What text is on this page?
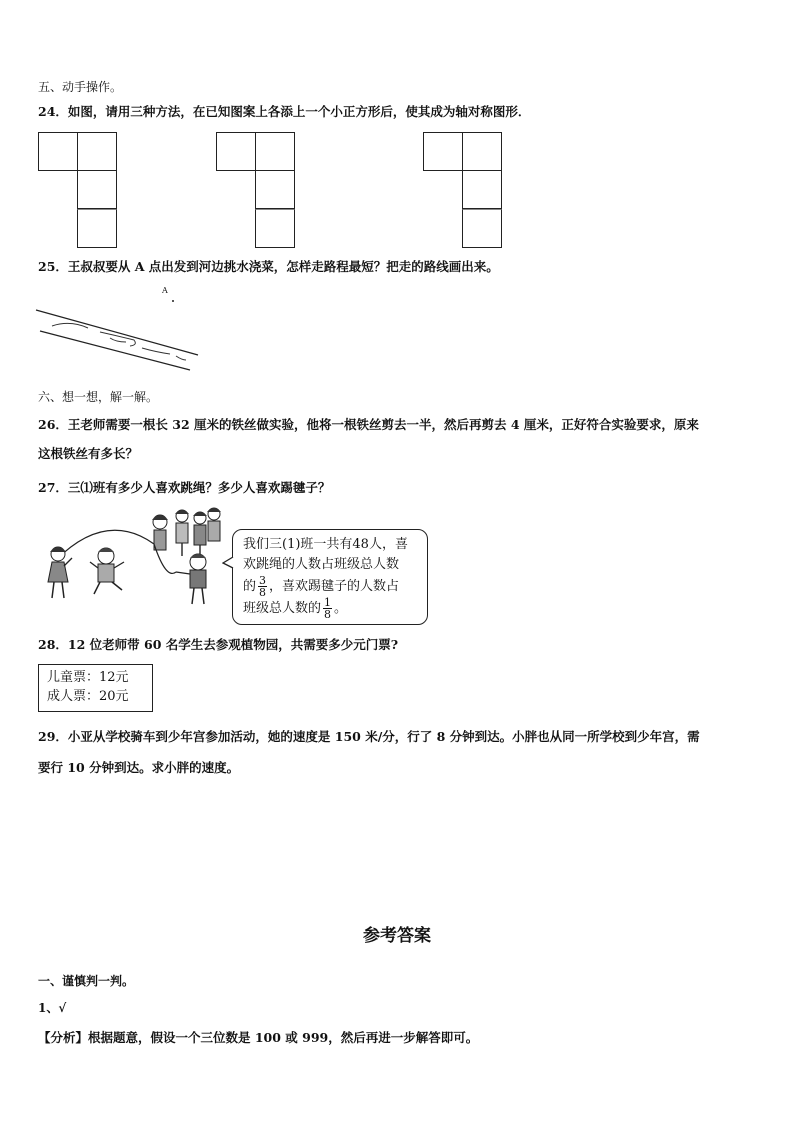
五、动手操作。
24．如图，请用三种方法，在已知图案上各添上一个小正方形后，使其成为轴对称图形．
25．王叔叔要从 A 点出发到河边挑水浇菜，怎样走路程最短？把走的路线画出来。
A
六、想一想，解一解。
26．王老师需要一根长 32 厘米的铁丝做实验，他将一根铁丝剪去一半，然后再剪去 4 厘米，正好符合实验要求，原来
这根铁丝有多长？
27．三⑴班有多少人喜欢跳绳？多少人喜欢踢毽子？
我们三(1)班一共有48人，喜
欢跳绳的人数占班级总人数
的 $\frac{3}{8}$ ，喜欢踢毽子的人数占
班级总人数的 $\frac{1}{8}$ 。
28．12 位老师带 60 名学生去参观植物园，共需要多少元门票?
儿童票：12元
成人票：20元
29．小亚从学校骑车到少年宫参加活动，她的速度是 150 米/分，行了 8 分钟到达。小胖也从同一所学校到少年宫，需
要行 10 分钟到达。求小胖的速度。
参考答案
一、谨慎判一判。
1、√
【分析】根据题意，假设一个三位数是 100 或 999，然后再进一步解答即可。
